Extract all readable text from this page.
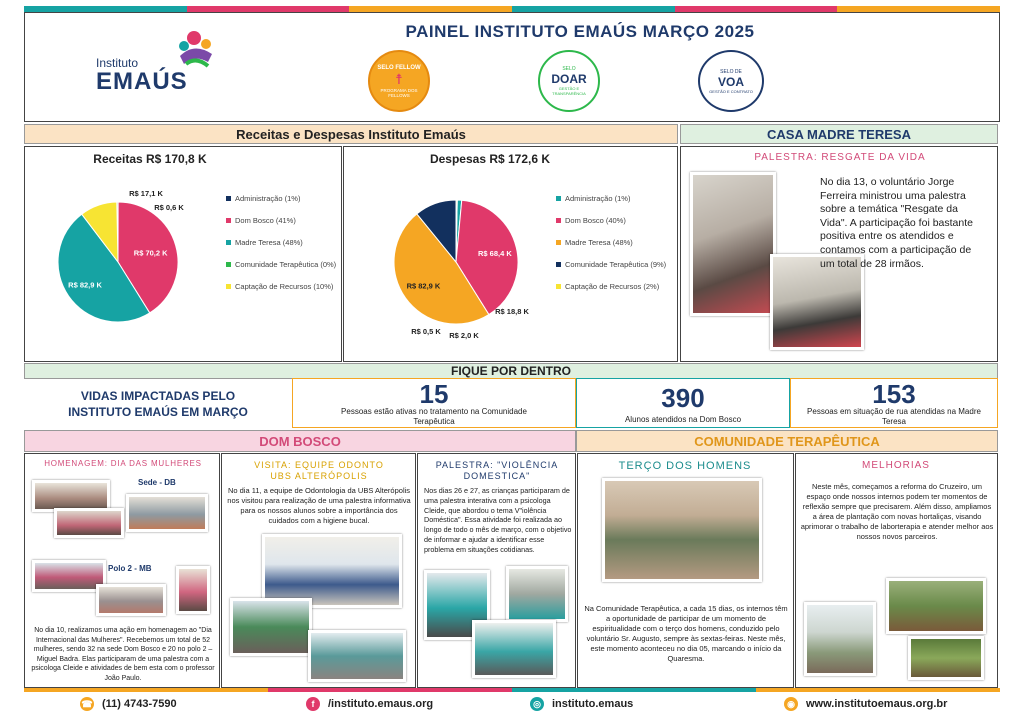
PAINEL INSTITUTO EMAÚS MARÇO 2025
Instituto
EMAÚS
SELO FELLOW
☨
PROGRAMA DOS FELLOWS
SELO
DOAR
GESTÃO E TRANSPARÊNCIA
SELO DE
VOA
GESTÃO E CONTRATO
Receitas e Despesas Instituto Emaús	CASA MADRE TERESA
Receitas R$ 170,8 K
R$ 0,6 K
R$ 70,2 K
R$ 82,9 K
R$ 17,1 K
Administração (1%)
Dom Bosco (41%)
Madre Teresa (48%)
Comunidade Terapêutica (0%)
Captação de Recursos (10%)
Despesas R$ 172,6 K
R$ 2,0 K
R$ 68,4 K
R$ 82,9 K
R$ 18,8 K
R$ 0,5 K
Administração (1%)
Dom Bosco (40%)
Madre Teresa (48%)
Comunidade Terapêutica (9%)
Captação de Recursos (2%)
PALESTRA: RESGATE DA VIDA
No dia 13, o voluntário Jorge Ferreira ministrou uma palestra sobre a temática "Resgate da Vida". A participação foi bastante positiva entre os atendidos e contamos com a participação de um total de 28 irmãos.
FIQUE POR DENTRO
VIDAS IMPACTADAS PELO INSTITUTO EMAÚS EM MARÇO
15
Pessoas estão ativas no tratamento na Comunidade Terapêutica
390
Alunos atendidos na Dom Bosco
153
Pessoas em situação de rua atendidas na Madre Teresa
DOM BOSCO	COMUNIDADE TERAPÊUTICA
HOMENAGEM: DIA DAS MULHERES
Sede - DB
Polo 2 - MB
No dia 10, realizamos uma ação em homenagem ao "Dia Internacional das Mulheres". Recebemos um total de 52 mulheres, sendo 32 na sede Dom Bosco e 20 no polo 2 – Miguel Badra. Elas participaram de uma palestra com a psicologa Cleide e atividades de bem esta com o professor João Paulo.
VISITA: EQUIPE ODONTO UBS ALTERÓPOLIS
No dia 11, a equipe de Odontologia da UBS Alterópolis nos visitou para realização de uma palestra informativa para os nossos alunos sobre a importância dos cuidados com a higiene bucal.
PALESTRA: "VIOLÊNCIA DOMESTICA"
Nos dias 26 e 27, as crianças participaram de uma palestra interativa com a psicologa Cleide, que abordou o tema V"iolência Doméstica". Essa atividade foi realizada ao longo de todo o mês de março, com o objetivo de informar e ajudar a identificar esse problema em situações cotidianas.
TERÇO DOS HOMENS
Na Comunidade Terapêutica, a cada 15 dias, os internos têm a oportunidade de participar de um momento de espiritualidade com o terço dos homens, conduzido pelo voluntário Sr. Augusto, sempre às sextas-feiras. Neste mês, este momento aconteceu no dia 05, marcando o início da Quaresma.
MELHORIAS
Neste mês, começamos a reforma do Cruzeiro, um espaço onde nossos internos podem ter momentos de reflexão sempre que precisarem. Além disso, ampliamos a área de plantação com novas hortaliças, visando aprimorar o trabalho de laborterapia e atender melhor aos nossos novos parceiros.
☎ (11) 4743-7590	f	/instituto.emaus.org	◎ instituto.emaus	◉ www.institutoemaus.org.br
